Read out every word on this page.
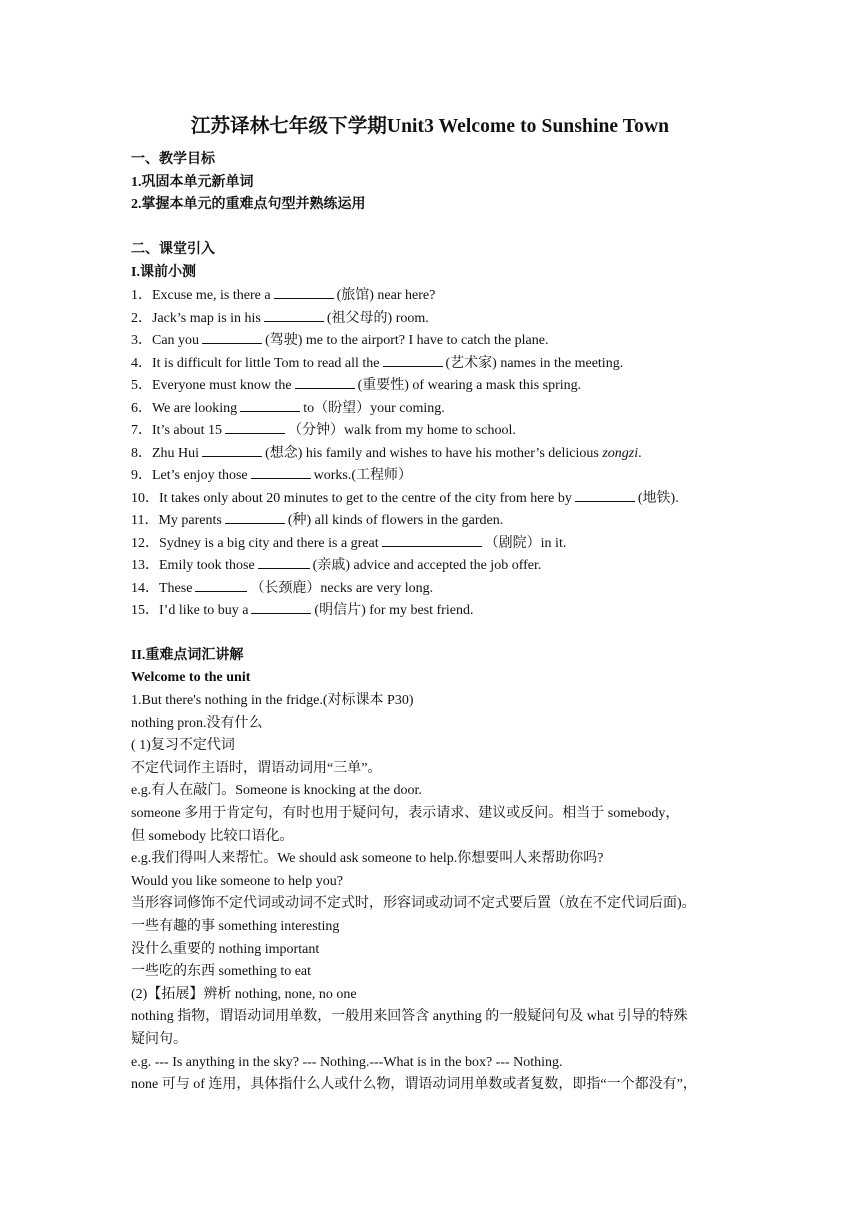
江苏译林七年级下学期Unit3 Welcome to Sunshine Town
一、教学目标
1.巩固本单元新单词
2.掌握本单元的重难点句型并熟练运用
二、课堂引入
I.课前小测
1．Excuse me, is there a	(旅馆) near here?
2．Jack’s map is in his	(祖父母的) room.
3．Can you	(驾驶) me to the airport? I have to catch the plane.
4．It is difficult for little Tom to read all the	(艺术家) names in the meeting.
5．Everyone must know the	(重要性) of wearing a mask this spring.
6．We are looking	to（盼望）your coming.
7．It’s about 15	（分钟）walk from my home to school.
8．Zhu Hui	(想念) his family and wishes to have his mother’s delicious zongzi.
9．Let’s enjoy those	works.(工程师）
10．It takes only about 20 minutes to get to the centre of the city from here by	(地铁).
11．My parents	(种) all kinds of flowers in the garden.
12．Sydney is a big city and there is a great	（剧院）in it.
13．Emily took those	(亲戚) advice and accepted the job offer.
14．These	（长颈鹿）necks are very long.
15．I’d like to buy a	(明信片) for my best friend.
II.重难点词汇讲解
Welcome to the unit
1.But there's nothing in the fridge.(对标课本 P30)
nothing pron.没有什么
( 1)复习不定代词
不定代词作主语时，谓语动词用“三单”。
e.g.有人在敲门。Someone is knocking at the door.
someone 多用于肯定句，有时也用于疑问句，表示请求、建议或反问。相当于 somebody，
但 somebody 比较口语化。
e.g.我们得叫人来帮忙。We should ask someone to help.你想要叫人来帮助你吗?
Would you like someone to help you?
当形容词修饰不定代词或动词不定式时，形容词或动词不定式要后置（放在不定代词后面)。
一些有趣的事 something interesting
没什么重要的 nothing important
一些吃的东西 something to eat
(2)【拓展】辨析 nothing, none, no one
nothing 指物，谓语动词用单数，一般用来回答含 anything 的一般疑问句及 what 引导的特殊
疑问句。
e.g. --- Is anything in the sky? --- Nothing.---What is in the box? --- Nothing.
none 可与 of 连用，具体指什么人或什么物，谓语动词用单数或者复数，即指“一个都没有”，
